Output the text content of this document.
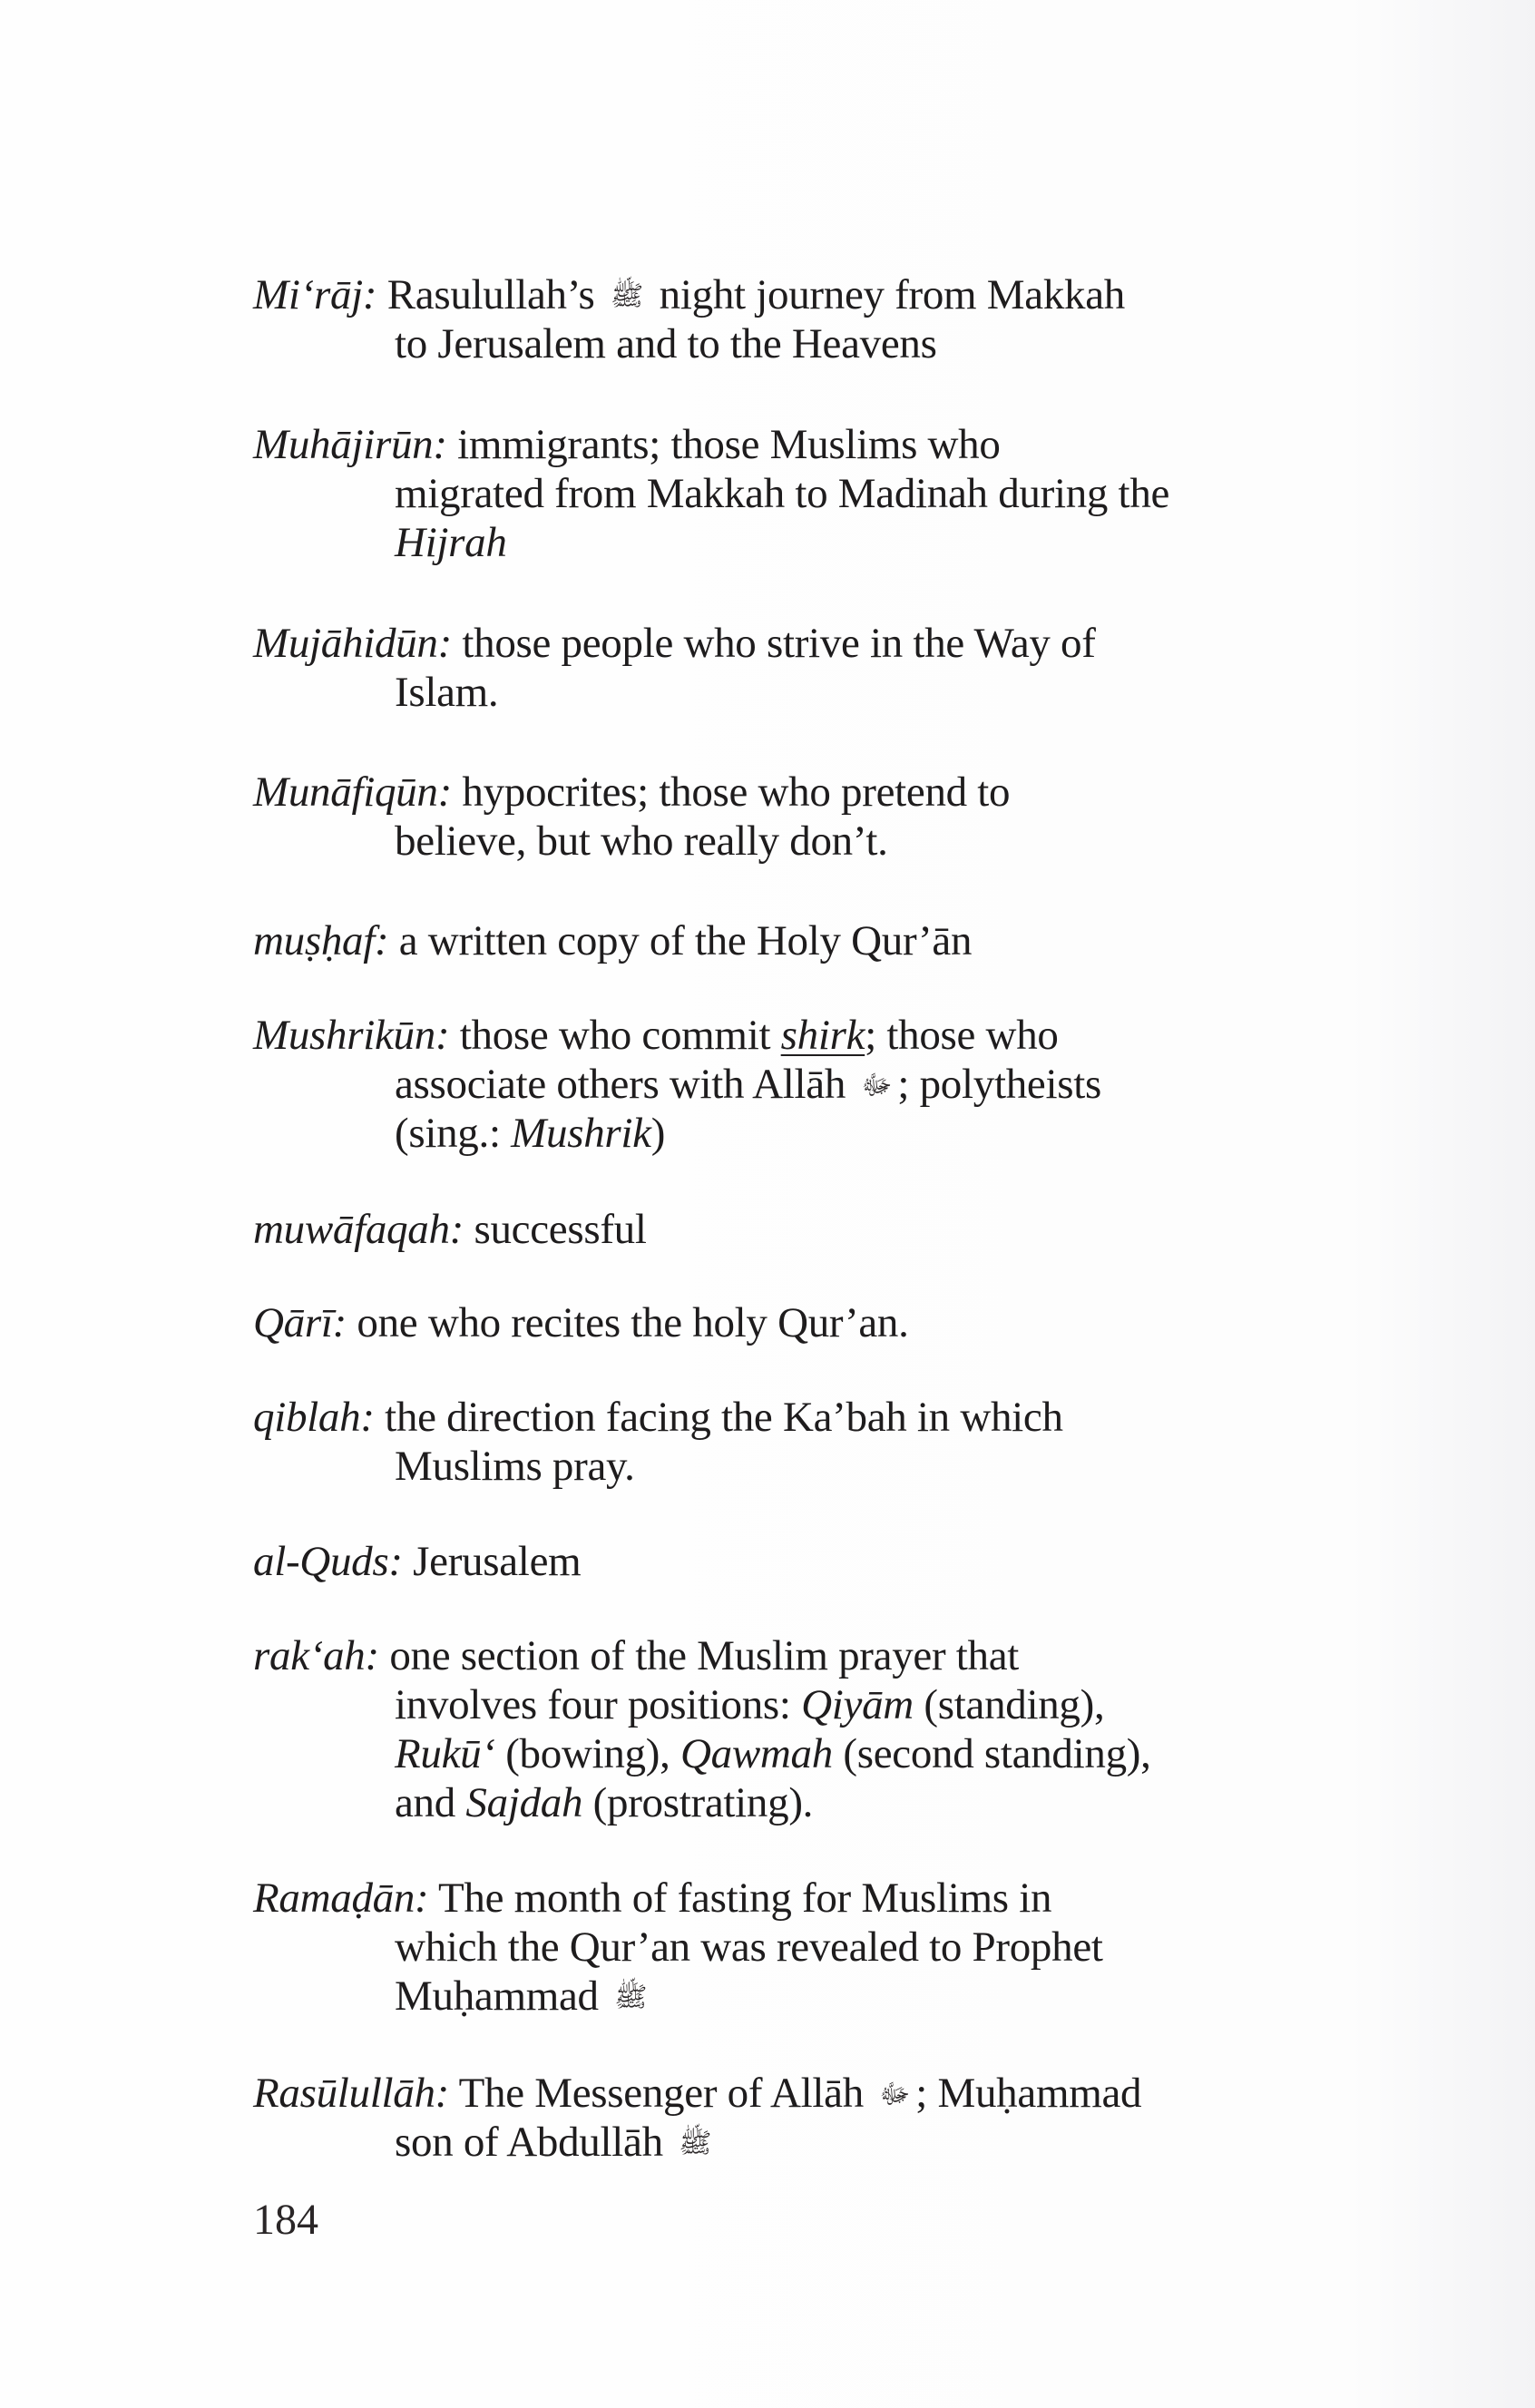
Mi‘rāj: Rasulullah’s ﷺ night journey from Makkah
to Jerusalem and to the Heavens
Muhājirūn: immigrants; those Muslims who
migrated from Makkah to Madinah during the
Hijrah
Mujāhidūn: those people who strive in the Way of
Islam.
Munāfiqūn: hypocrites; those who pretend to
believe, but who really don’t.
muṣḥaf: a written copy of the Holy Qur’ān
Mushrikūn: those who commit shirk; those who
associate others with Allāh ﷻ ; polytheists
(sing.: Mushrik)
muwāfaqah: successful
Qārī: one who recites the holy Qur’an.
qiblah: the direction facing the Ka’bah in which
Muslims pray.
al-Quds: Jerusalem
rak‘ah: one section of the Muslim prayer that
involves four positions: Qiyām (standing),
Rukū‘ (bowing), Qawmah (second standing),
and Sajdah (prostrating).
Ramaḍān: The month of fasting for Muslims in
which the Qur’an was revealed to Prophet
Muḥammad ﷺ
Rasūlullāh: The Messenger of Allāh ﷻ ; Muḥammad
son of Abdullāh ﷺ
184
